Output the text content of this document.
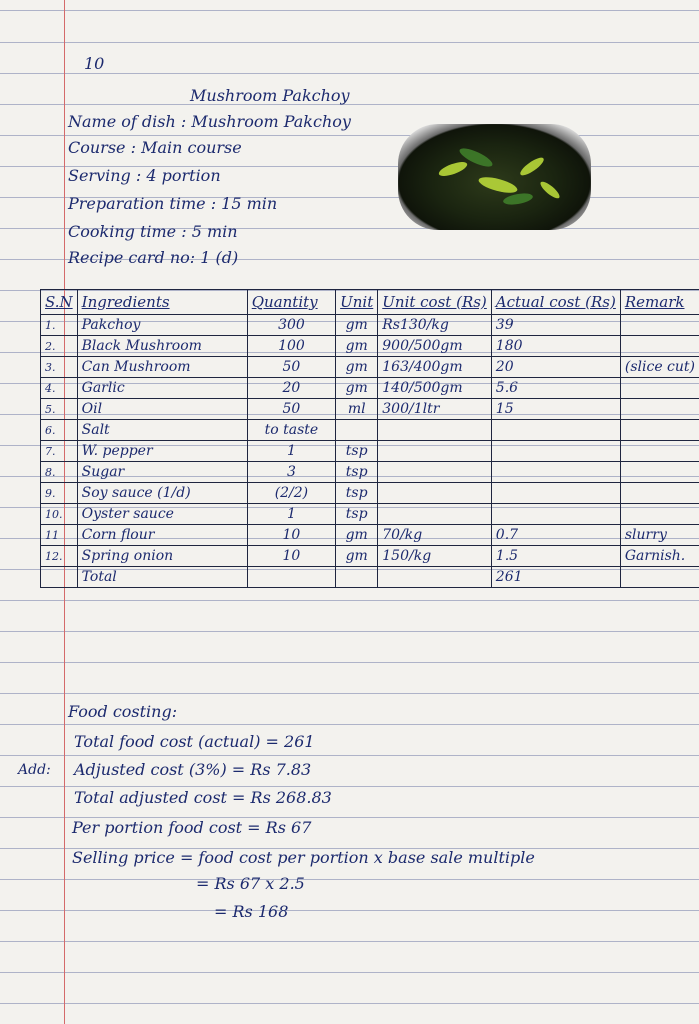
10
Mushroom Pakchoy
Name of dish : Mushroom Pakchoy
Course : Main course
Serving : 4 portion
Preparation time : 15 min
Cooking time : 5 min
Recipe card no: 1 (d)
S.N	Ingredients	Quantity	Unit	Unit cost (Rs)	Actual cost (Rs)	Remark
1.	Pakchoy	300	gm	Rs130/kg	39	
2.	Black Mushroom	100	gm	900/500gm	180	
3.	Can Mushroom	50	gm	163/400gm	20	(slice cut)
4.	Garlic	20	gm	140/500gm	5.6	
5.	Oil	50	ml	300/1ltr	15	
6.	Salt	to taste				
7.	W. pepper	1	tsp			
8.	Sugar	3	tsp			
9.	Soy sauce (1/d)	(2/2)	tsp			
10.	Oyster sauce	1	tsp			
11	Corn flour	10	gm	70/kg	0.7	slurry
12.	Spring onion	10	gm	150/kg	1.5	Garnish.
	Total				261	
Food costing:
Total food cost (actual) = 261
Add: Adjusted cost (3%) = Rs 7.83
Total adjusted cost = Rs 268.83
Per portion food cost = Rs 67
Selling price = food cost per portion x base sale multiple
= Rs 67 x 2.5
= Rs 168
